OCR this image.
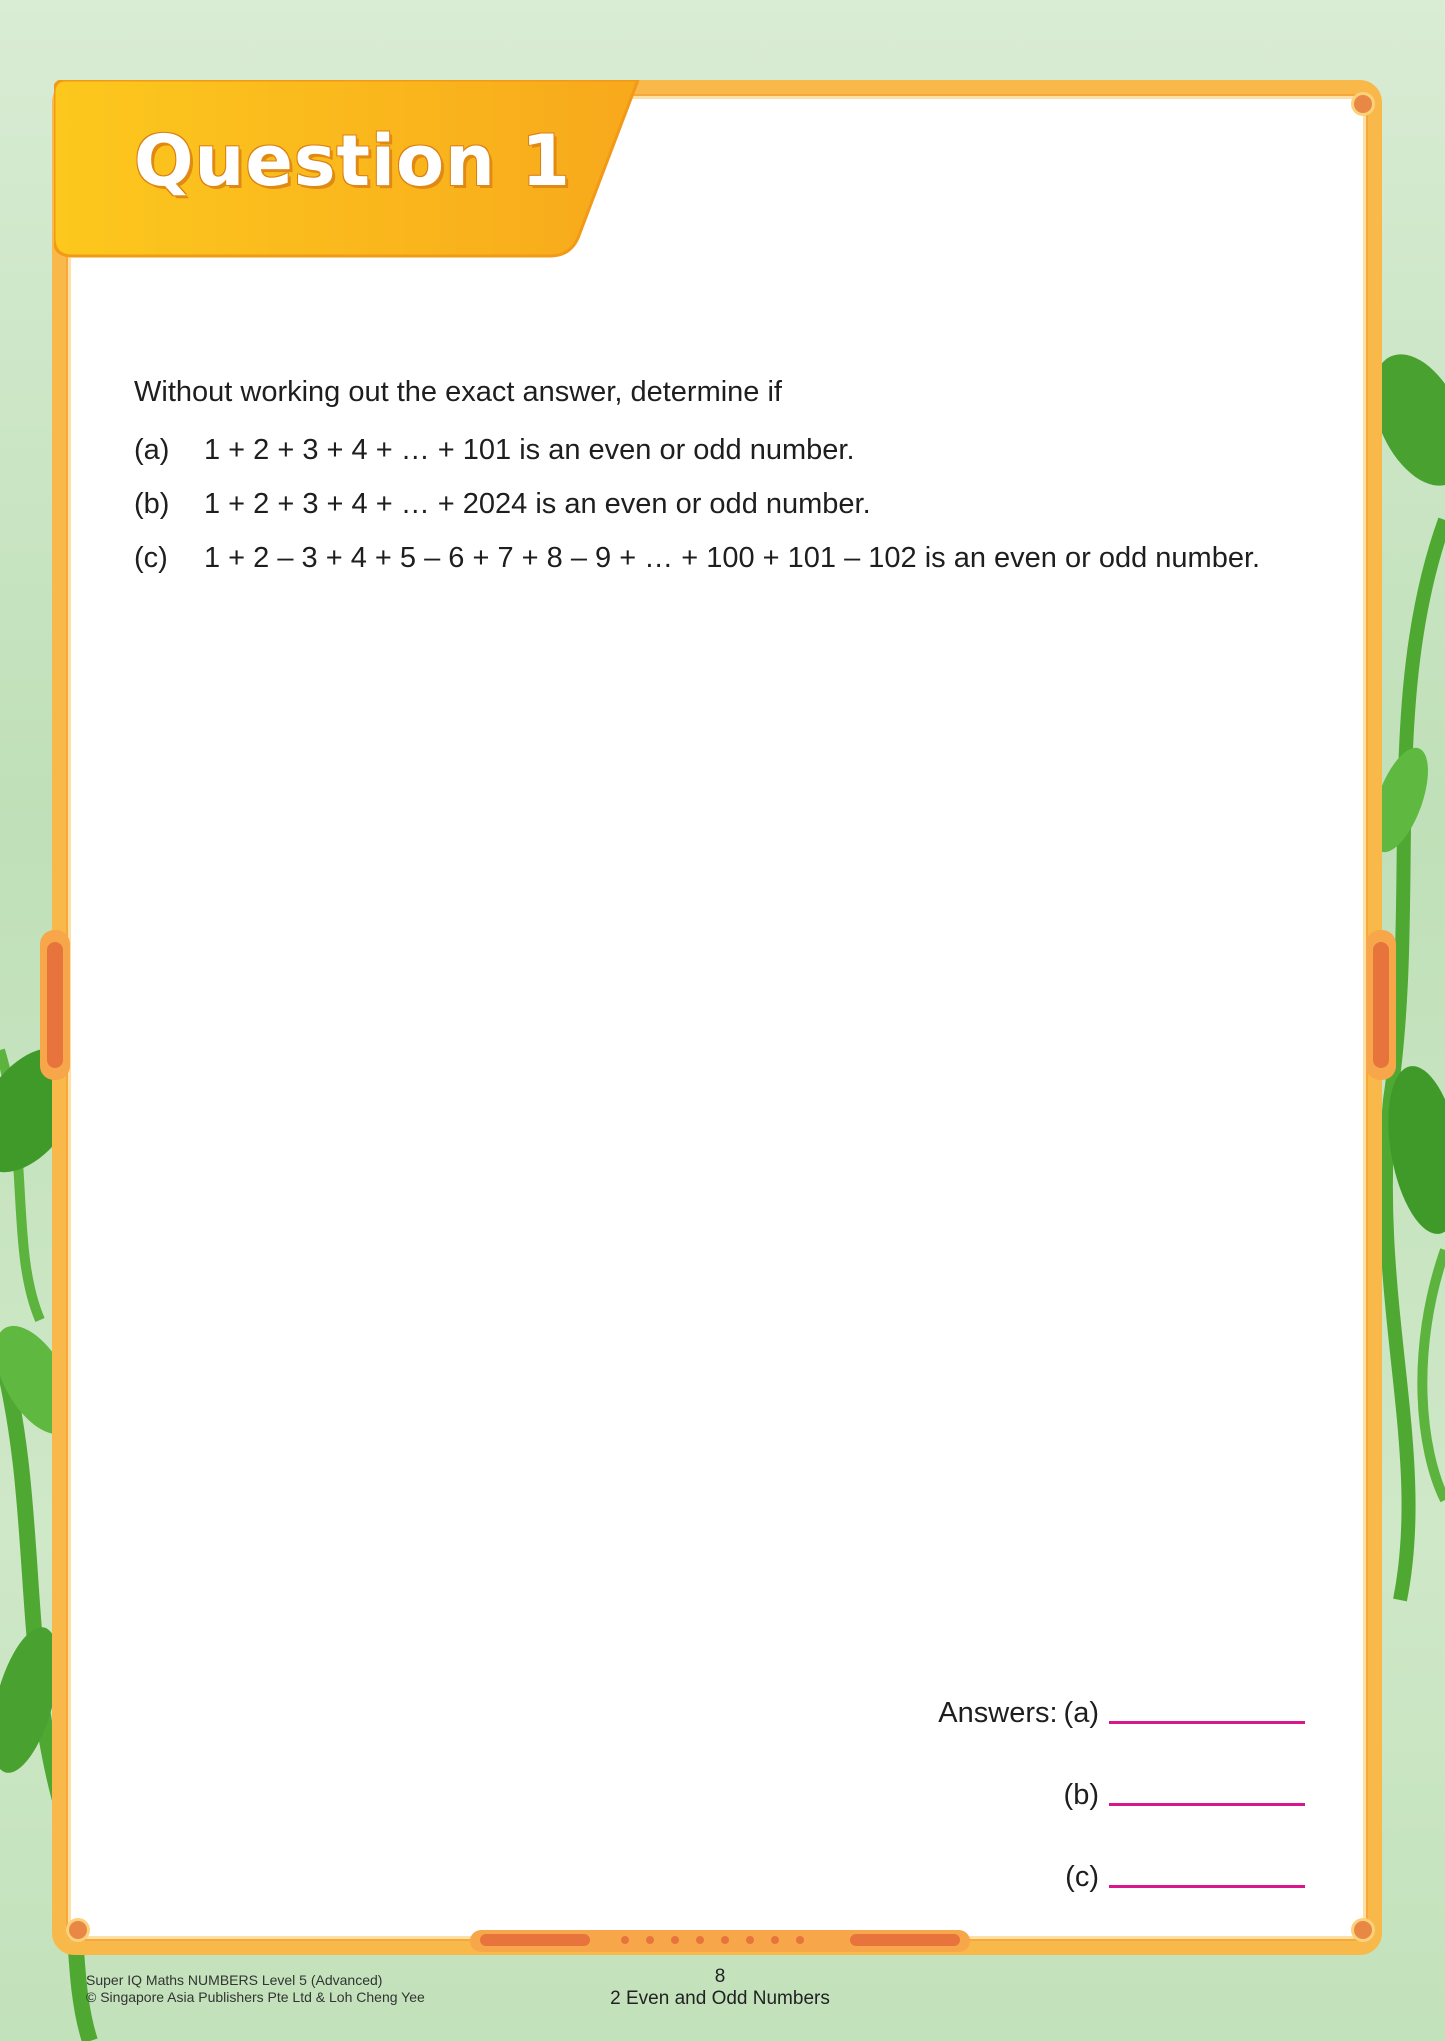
Question 1

Without working out the exact answer, determine if

(a)	1 + 2 + 3 + 4 + … + 101 is an even or odd number.
(b)	1 + 2 + 3 + 4 + … + 2024 is an even or odd number.
(c)	1 + 2 – 3 + 4 + 5 – 6 + 7 + 8 – 9 + … + 100 + 101 – 102 is an even or odd number.
Answers: (a)
(b)
(c)
Super IQ Maths NUMBERS Level 5 (Advanced)
© Singapore Asia Publishers Pte Ltd & Loh Cheng Yee
8
2 Even and Odd Numbers
